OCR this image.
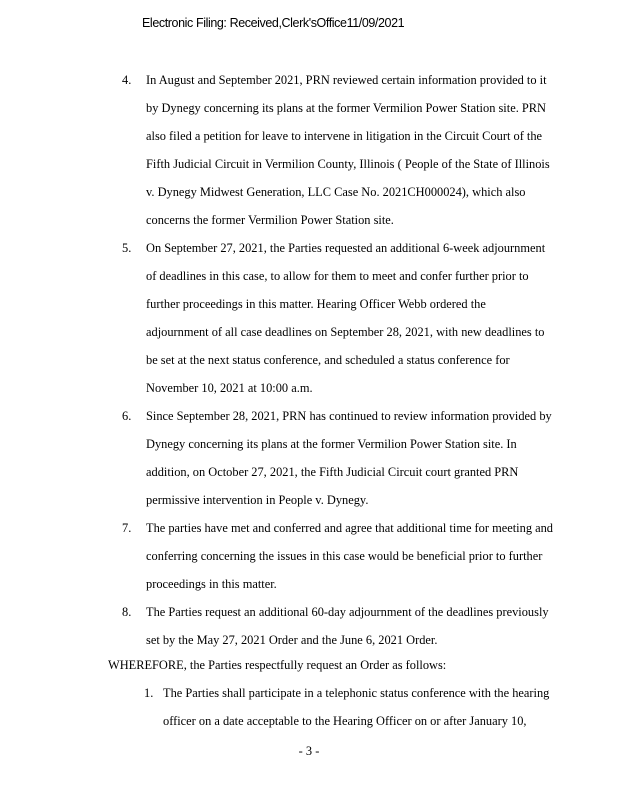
Electronic Filing: Received,Clerk'sOffice11/09/2021
4.	In August and September 2021, PRN reviewed certain information provided to it
by Dynegy concerning its plans at the former Vermilion Power Station site. PRN
also filed a petition for leave to intervene in litigation in the Circuit Court of the
Fifth Judicial Circuit in Vermilion County, Illinois ( People of the State of Illinois
v. Dynegy Midwest Generation, LLC Case No. 2021CH000024), which also
concerns the former Vermilion Power Station site.
5.	On September 27, 2021, the Parties requested an additional 6-week adjournment
of deadlines in this case, to allow for them to meet and confer further prior to
further proceedings in this matter. Hearing Officer Webb ordered the
adjournment of all case deadlines on September 28, 2021, with new deadlines to
be set at the next status conference, and scheduled a status conference for
November 10, 2021 at 10:00 a.m.
6.	Since September 28, 2021, PRN has continued to review information provided by
Dynegy concerning its plans at the former Vermilion Power Station site. In
addition, on October 27, 2021, the Fifth Judicial Circuit court granted PRN
permissive intervention in People v. Dynegy.
7.	The parties have met and conferred and agree that additional time for meeting and
conferring concerning the issues in this case would be beneficial prior to further
proceedings in this matter.
8.	The Parties request an additional 60-day adjournment of the deadlines previously
set by the May 27, 2021 Order and the June 6, 2021 Order.
WHEREFORE, the Parties respectfully request an Order as follows:
1. The Parties shall participate in a telephonic status conference with the hearing
officer on a date acceptable to the Hearing Officer on or after January 10,
- 3 -
